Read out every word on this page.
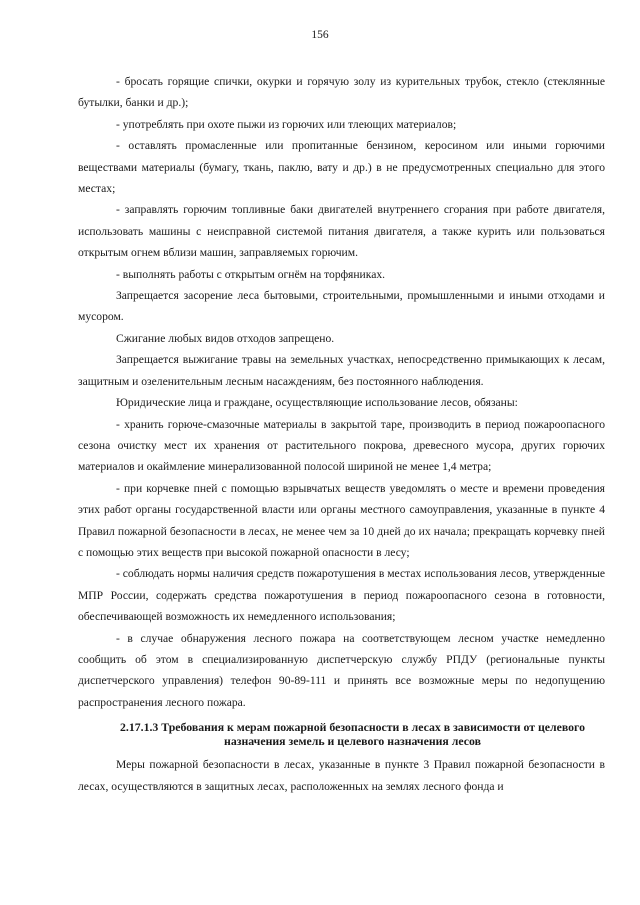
156

- бросать горящие спички, окурки и горячую золу из курительных трубок, стекло (стеклянные бутылки, банки и др.);

- употреблять при охоте пыжи из горючих или тлеющих материалов;

- оставлять промасленные или пропитанные бензином, керосином или иными горючими веществами материалы (бумагу, ткань, паклю, вату и др.) в не предусмотренных специально для этого местах;

- заправлять горючим топливные баки двигателей внутреннего сгорания при работе двигателя, использовать машины с неисправной системой питания двигателя, а также курить или пользоваться открытым огнем вблизи машин, заправляемых горючим.

- выполнять работы с открытым огнём на торфяниках.

Запрещается засорение леса бытовыми, строительными, промышленными и иными отходами и мусором.

Сжигание любых видов отходов запрещено.

Запрещается выжигание травы на земельных участках, непосредственно примыкающих к лесам, защитным и озеленительным лесным насаждениям, без постоянного наблюдения.

Юридические лица и граждане, осуществляющие использование лесов, обязаны:

- хранить горюче-смазочные материалы в закрытой таре, производить в период пожароопасного сезона очистку мест их хранения от растительного покрова, древесного мусора, других горючих материалов и окаймление минерализованной полосой шириной не менее 1,4 метра;

- при корчевке пней с помощью взрывчатых веществ уведомлять о месте и времени проведения этих работ органы государственной власти или органы местного самоуправления, указанные в пункте 4 Правил пожарной безопасности в лесах, не менее чем за 10 дней до их начала; прекращать корчевку пней с помощью этих веществ при высокой пожарной опасности в лесу;

- соблюдать нормы наличия средств пожаротушения в местах использования лесов, утвержденные МПР России, содержать средства пожаротушения в период пожароопасного сезона в готовности, обеспечивающей возможность их немедленного использования;

- в случае обнаружения лесного пожара на соответствующем лесном участке немедленно сообщить об этом в специализированную диспетчерскую службу РПДУ (региональные пункты диспетчерского управления) телефон 90-89-111 и принять все возможные меры по недопущению распространения лесного пожара.

2.17.1.3 Требования к мерам пожарной безопасности в лесах в зависимости от целевого назначения земель и целевого назначения лесов

Меры пожарной безопасности в лесах, указанные в пункте 3 Правил пожарной безопасности в лесах, осуществляются в защитных лесах, расположенных на землях леcного фонда и
